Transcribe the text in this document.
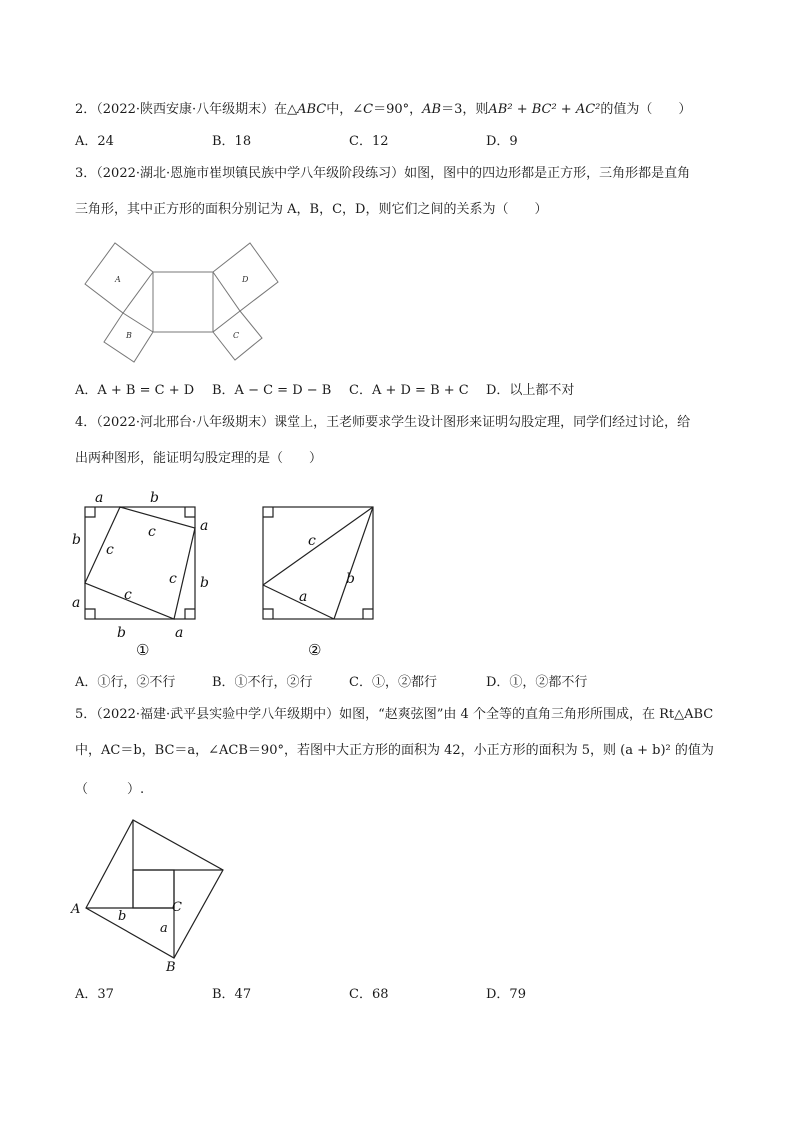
2．（2022·陕西安康·八年级期末）在△ABC中，∠C＝90°，AB＝3，则AB² + BC² + AC²的值为（　　）
A．24	B．18	C．12	D．9
3．（2022·湖北·恩施市崔坝镇民族中学八年级阶段练习）如图，图中的四边形都是正方形，三角形都是直角
三角形，其中正方形的面积分别记为 A，B，C，D，则它们之间的关系为（　　）
A	D
B	C
A．A + B = C + D B．A − C = D − B C．A + D = B + C D．以上都不对
4．（2022·河北邢台·八年级期末）课堂上，王老师要求学生设计图形来证明勾股定理，同学们经过讨论，给
出两种图形，能证明勾股定理的是（　　）
a	b
a
b
c
c
c
c
b	a
b
a
①
c
b
a
②
A．①行，②不行	B．①不行，②行	C．①，②都行	D．①，②都不行
5．（2022·福建·武平县实验中学八年级期中）如图，“赵爽弦图”由 4 个全等的直角三角形所围成，在 Rt△ABC
中，AC＝b，BC＝a，∠ACB＝90°，若图中大正方形的面积为 42，小正方形的面积为 5，则 (a + b)² 的值为
（　　　）.
A	b
C
a
B
A．37	B．47	C．68	D．79
